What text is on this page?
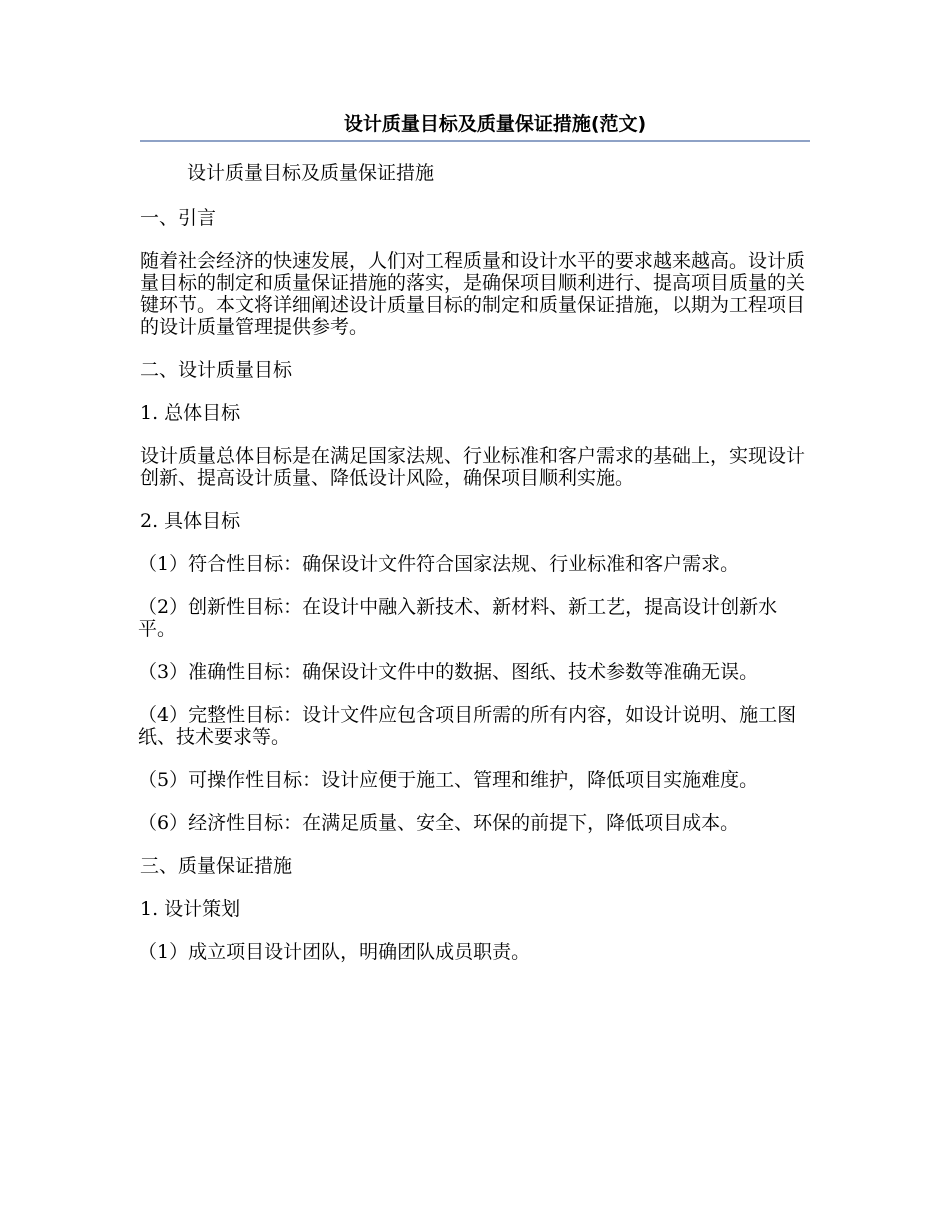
设计质量目标及质量保证措施(范文)

设计质量目标及质量保证措施

一、引言

随着社会经济的快速发展，人们对工程质量和设计水平的要求越来越高。设计质量目标的制定和质量保证措施的落实，是确保项目顺利进行、提高项目质量的关键环节。本文将详细阐述设计质量目标的制定和质量保证措施，以期为工程项目的设计质量管理提供参考。

二、设计质量目标

1. 总体目标

设计质量总体目标是在满足国家法规、行业标准和客户需求的基础上，实现设计创新、提高设计质量、降低设计风险，确保项目顺利实施。

2. 具体目标

（1）符合性目标：确保设计文件符合国家法规、行业标准和客户需求。

（2）创新性目标：在设计中融入新技术、新材料、新工艺，提高设计创新水平。

（3）准确性目标：确保设计文件中的数据、图纸、技术参数等准确无误。

（4）完整性目标：设计文件应包含项目所需的所有内容，如设计说明、施工图纸、技术要求等。

（5）可操作性目标：设计应便于施工、管理和维护，降低项目实施难度。

（6）经济性目标：在满足质量、安全、环保的前提下，降低项目成本。

三、质量保证措施

1. 设计策划

（1）成立项目设计团队，明确团队成员职责。
